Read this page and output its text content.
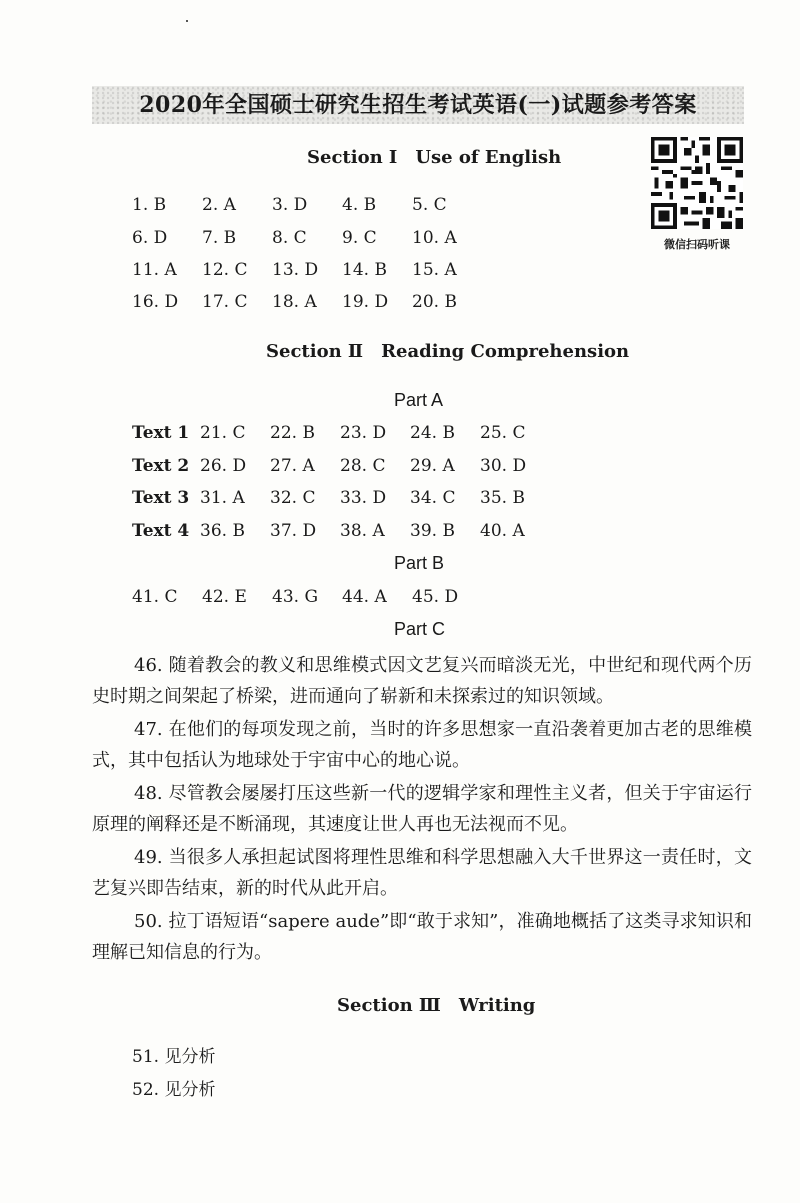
2020年全国硕士研究生招生考试英语(一)试题参考答案
微信扫码听课
Section Ⅰ Use of English
1. B	2. A	3. D	4. B	5. C
6. D	7. B	8. C	9. C	10. A
11. A	12. C	13. D	14. B	15. A
16. D	17. C	18. A	19. D	20. B
Section Ⅱ Reading Comprehension
Part A
Text 1 21. C	22. B	23. D	24. B	25. C
Text 2 26. D	27. A	28. C	29. A	30. D
Text 3 31. A	32. C	33. D	34. C	35. B
Text 4 36. B	37. D	38. A	39. B	40. A
Part B
41. C	42. E	43. G	44. A	45. D
Part C
46. 随着教会的教义和思维模式因文艺复兴而暗淡无光，中世纪和现代两个历史时期之间架起了桥梁，进而通向了崭新和未探索过的知识领域。
47. 在他们的每项发现之前，当时的许多思想家一直沿袭着更加古老的思维模式，其中包括认为地球处于宇宙中心的地心说。
48. 尽管教会屡屡打压这些新一代的逻辑学家和理性主义者，但关于宇宙运行原理的阐释还是不断涌现，其速度让世人再也无法视而不见。
49. 当很多人承担起试图将理性思维和科学思想融入大千世界这一责任时，文艺复兴即告结束，新的时代从此开启。
50. 拉丁语短语“sapere aude”即“敢于求知”，准确地概括了这类寻求知识和理解已知信息的行为。
Section Ⅲ Writing
51. 见分析
52. 见分析
